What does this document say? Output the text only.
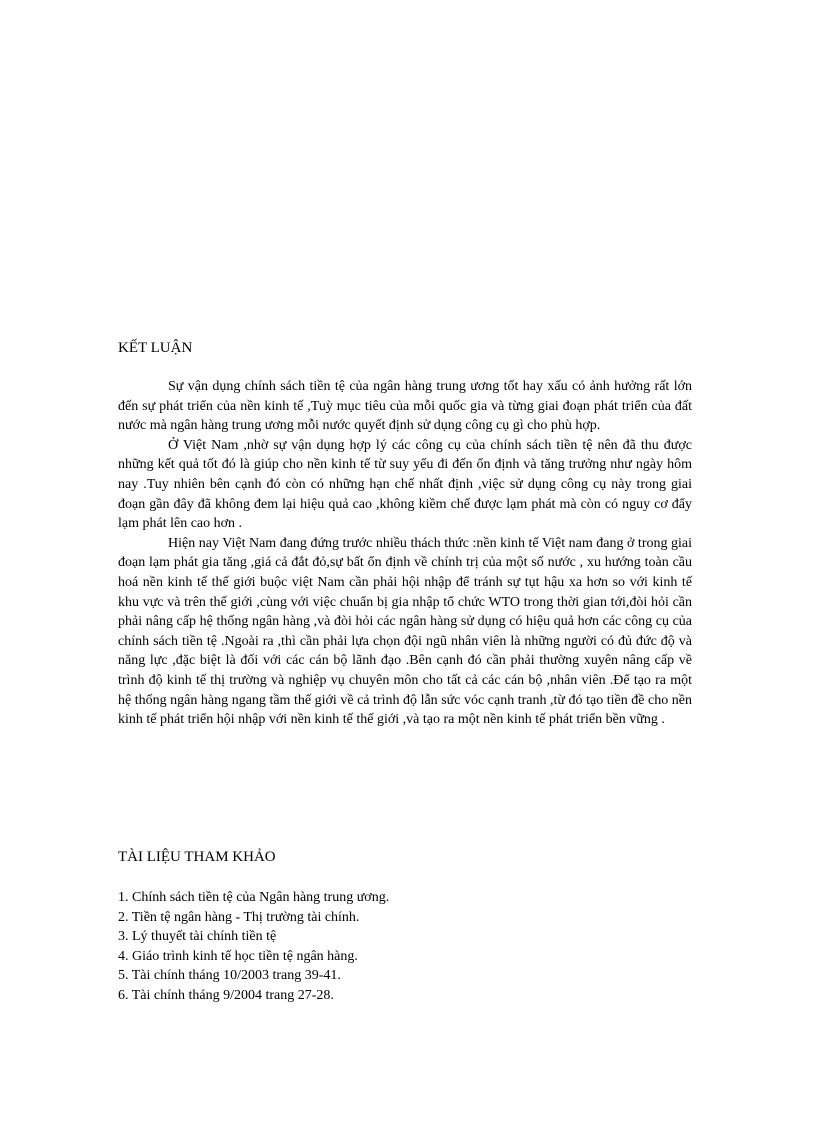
KẾT LUẬN

Sự vận dụng chính sách tiền tệ của ngân hàng trung ương tốt hay xấu có ảnh hưởng rất lớn đến sự phát triển của nền kinh tế ,Tuỳ mục tiêu của mỗi quốc gia và từng giai đoạn phát triển của đất nước mà ngân hàng trung ương mỗi nước quyết định sử dụng công cụ gì cho phù hợp.

Ở Việt Nam ,nhờ sự vận dụng hợp lý các công cụ của chính sách tiền tệ nên đã thu được những kết quả tốt đó là giúp cho nền kinh tế từ suy yếu đi đến ổn định và tăng trưởng như ngày hôm nay .Tuy nhiên bên cạnh đó còn có những hạn chế nhất định ,việc sử dụng công cụ này trong giai đoạn gần đây đã không đem lại hiệu quả cao ,không kiềm chế được lạm phát mà còn có nguy cơ đẩy lạm phát lên cao hơn .

Hiện nay Việt Nam đang đứng trước nhiều thách thức :nền kinh tế Việt nam đang ở trong giai đoạn lạm phát gia tăng ,giá cả đắt đỏ,sự bất ổn định về chính trị của một số nước , xu hướng toàn cầu hoá nền kinh tế thế giới buộc việt Nam cần phải hội nhập để tránh sự tụt hậu xa hơn so với kinh tế khu vực và trên thế giới ,cùng với việc chuẩn bị gia nhập tổ chức WTO trong thời gian tới,đòi hỏi cần phải nâng cấp hệ thống ngân hàng ,và đòi hỏi các ngân hàng sử dụng có hiệu quả hơn các công cụ của chính sách tiền tệ .Ngoài ra ,thì cần phải lựa chọn đội ngũ nhân viên là những người có đủ đức độ và năng lực ,đặc biệt là đối với các cán bộ lãnh đạo .Bên cạnh đó cần phải thường xuyên nâng cấp về trình độ kinh tế thị trường và nghiệp vụ chuyên môn cho tất cả các cán bộ ,nhân viên .Để tạo ra một hệ thống ngân hàng ngang tầm thế giới về cả trình độ lẫn sức vóc cạnh tranh ,từ đó tạo tiền đề cho nền kinh tế phát triển hội nhập với nền kinh tế thế giới ,và tạo ra một nền kinh tế phát triển bền vững .

TÀI LIỆU THAM KHẢO
1. Chính sách tiền tệ của Ngân hàng trung ương.
2. Tiền tệ ngân hàng - Thị trường tài chính.
3. Lý thuyết tài chính tiền tệ
4. Giáo trình kinh tế học tiền tệ ngân hàng.
5. Tài chính tháng 10/2003 trang 39-41.
6. Tài chính tháng 9/2004 trang 27-28.
